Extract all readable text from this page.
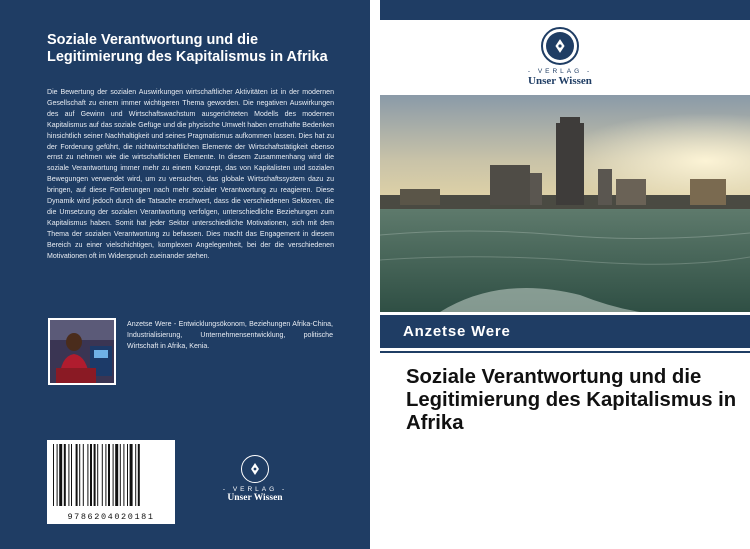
Soziale Verantwortung und die Legitimierung des Kapitalismus in Afrika
Die Bewertung der sozialen Auswirkungen wirtschaftlicher Aktivitäten ist in der modernen Gesellschaft zu einem immer wichtigeren Thema geworden. Die negativen Auswirkungen des auf Gewinn und Wirtschaftswachstum ausgerichteten Modells des modernen Kapitalismus auf das soziale Gefüge und die physische Umwelt haben ernsthafte Bedenken hinsichtlich seiner Nachhaltigkeit und seines Pragmatismus aufkommen lassen. Dies hat zu der Forderung geführt, die nichtwirtschaftlichen Elemente der Wirtschaftstätigkeit ebenso ernst zu nehmen wie die wirtschaftlichen Elemente. In diesem Zusammenhang wird die soziale Verantwortung immer mehr zu einem Konzept, das von Kapitalisten und sozialen Bewegungen verwendet wird, um zu versuchen, das globale Wirtschaftssystem dazu zu bringen, auf diese Forderungen nach mehr sozialer Verantwortung zu reagieren. Diese Dynamik wird jedoch durch die Tatsache erschwert, dass die verschiedenen Sektoren, die die Umsetzung der sozialen Verantwortung verfolgen, unterschiedliche Beziehungen zum Kapitalismus haben. Somit hat jeder Sektor unterschiedliche Motivationen, sich mit dem Thema der sozialen Verantwortung zu befassen. Dies macht das Engagement in diesem Bereich zu einer vielschichtigen, komplexen Angelegenheit, bei der die verschiedenen Motivationen oft im Widerspruch zueinander stehen.
Anzetse Were - Entwicklungsökonom, Beziehungen Afrika-China, Industrialisierung, Unternehmensentwicklung, politische Wirtschaft in Afrika, Kenia.
9786204020181
- VERLAG -
Unser Wissen
- VERLAG -
Unser Wissen
Anzetse Were
Soziale Verantwortung und die Legitimierung des Kapitalismus in Afrika
